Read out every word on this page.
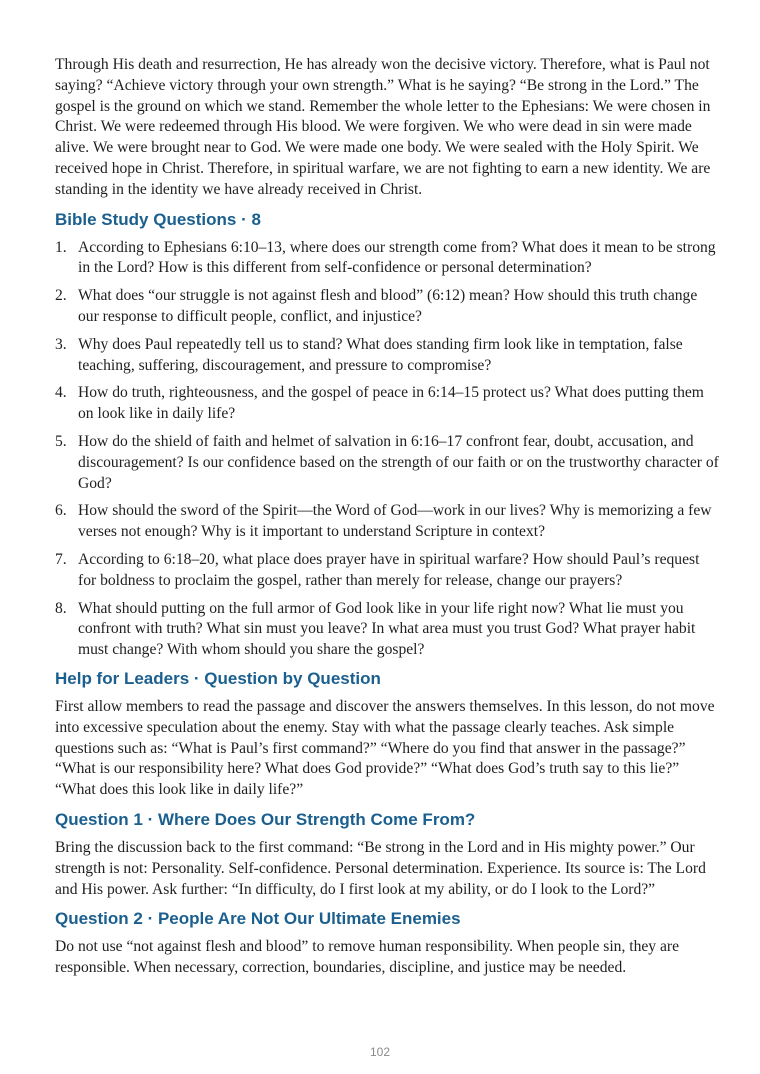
Through His death and resurrection, He has already won the decisive victory. Therefore, what is Paul not saying? “Achieve victory through your own strength.” What is he saying? “Be strong in the Lord.” The gospel is the ground on which we stand. Remember the whole letter to the Ephesians: We were chosen in Christ. We were redeemed through His blood. We were forgiven. We who were dead in sin were made alive. We were brought near to God. We were made one body. We were sealed with the Holy Spirit. We received hope in Christ. Therefore, in spiritual warfare, we are not fighting to earn a new identity. We are standing in the identity we have already received in Christ.

Bible Study Questions · 8
1. According to Ephesians 6:10–13, where does our strength come from? What does it mean to be strong in the Lord? How is this different from self-confidence or personal determination?
2. What does “our struggle is not against flesh and blood” (6:12) mean? How should this truth change our response to difficult people, conflict, and injustice?
3. Why does Paul repeatedly tell us to stand? What does standing firm look like in temptation, false teaching, suffering, discouragement, and pressure to compromise?
4. How do truth, righteousness, and the gospel of peace in 6:14–15 protect us? What does putting them on look like in daily life?
5. How do the shield of faith and helmet of salvation in 6:16–17 confront fear, doubt, accusation, and discouragement? Is our confidence based on the strength of our faith or on the trustworthy character of God?
6. How should the sword of the Spirit—the Word of God—work in our lives? Why is memorizing a few verses not enough? Why is it important to understand Scripture in context?
7. According to 6:18–20, what place does prayer have in spiritual warfare? How should Paul’s request for boldness to proclaim the gospel, rather than merely for release, change our prayers?
8. What should putting on the full armor of God look like in your life right now? What lie must you confront with truth? What sin must you leave? In what area must you trust God? What prayer habit must change? With whom should you share the gospel?
Help for Leaders · Question by Question

First allow members to read the passage and discover the answers themselves. In this lesson, do not move into excessive speculation about the enemy. Stay with what the passage clearly teaches. Ask simple questions such as: “What is Paul’s first command?” “Where do you find that answer in the passage?” “What is our responsibility here? What does God provide?” “What does God’s truth say to this lie?” “What does this look like in daily life?”

Question 1 · Where Does Our Strength Come From?

Bring the discussion back to the first command: “Be strong in the Lord and in His mighty power.” Our strength is not: Personality. Self-confidence. Personal determination. Experience. Its source is: The Lord and His power. Ask further: “In difficulty, do I first look at my ability, or do I look to the Lord?”

Question 2 · People Are Not Our Ultimate Enemies

Do not use “not against flesh and blood” to remove human responsibility. When people sin, they are responsible. When necessary, correction, boundaries, discipline, and justice may be needed.

102
